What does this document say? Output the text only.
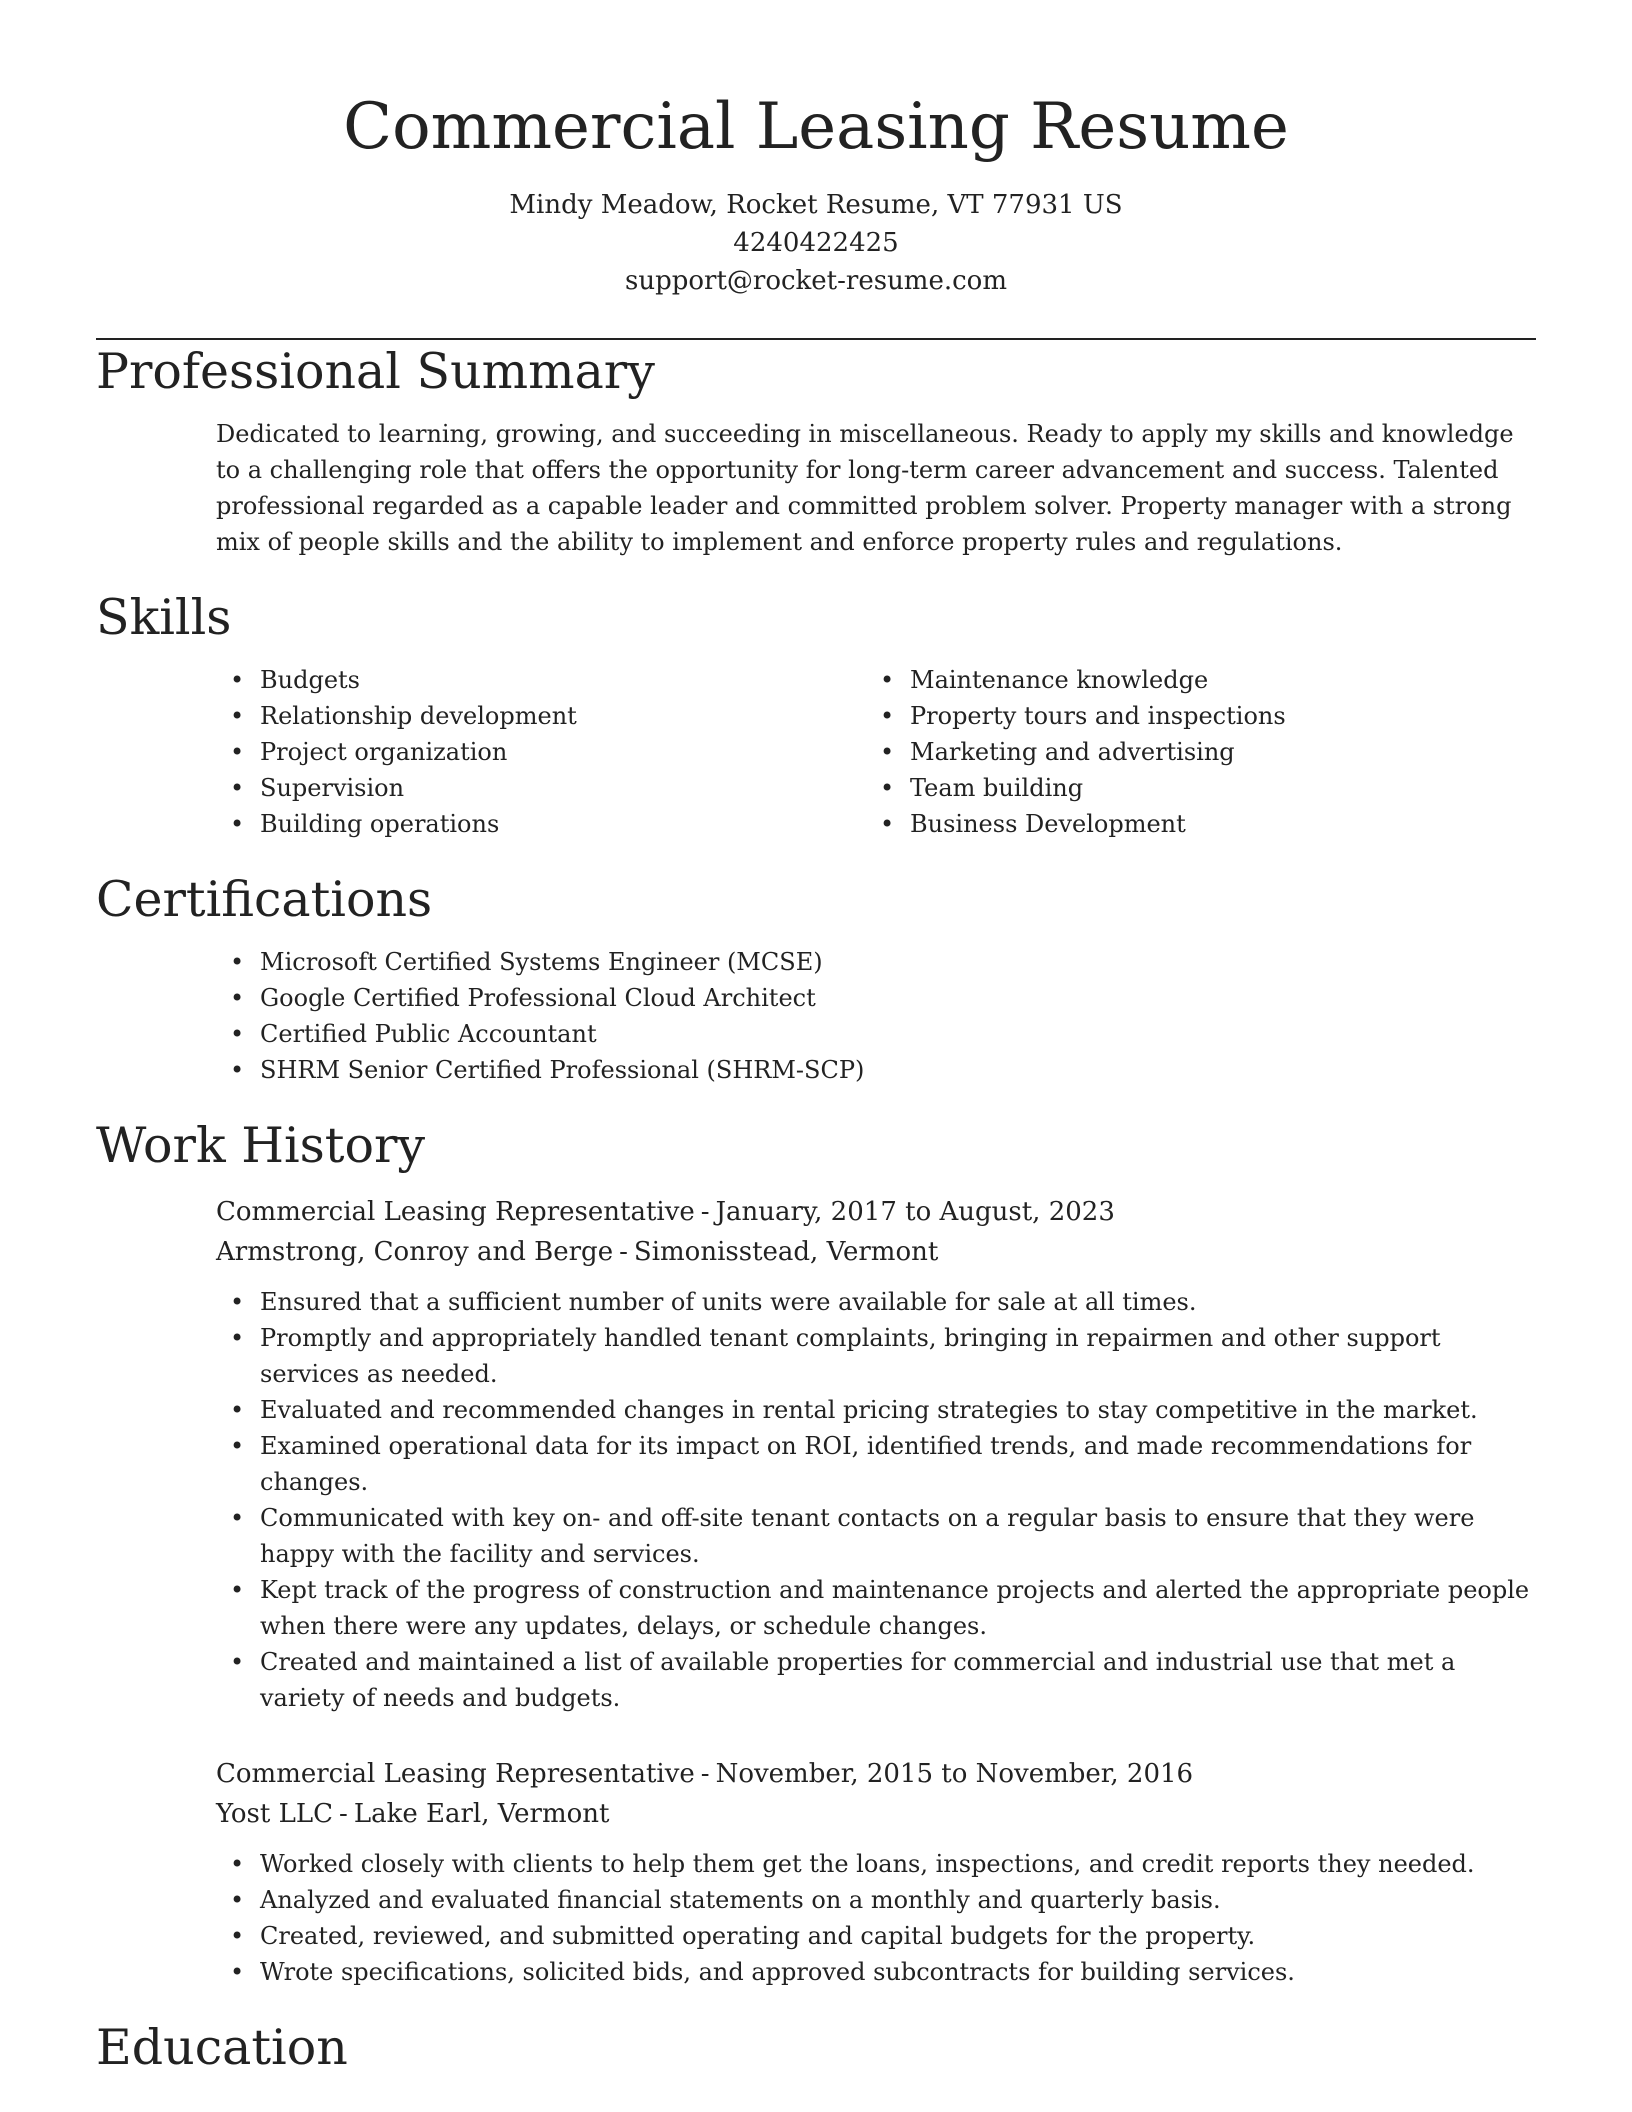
Commercial Leasing Resume
Mindy Meadow, Rocket Resume, VT 77931 US
4240422425
support@rocket-resume.com
Professional Summary
Dedicated to learning, growing, and succeeding in miscellaneous. Ready to apply my skills and knowledge to a challenging role that offers the opportunity for long-term career advancement and success. Talented professional regarded as a capable leader and committed problem solver. Property manager with a strong mix of people skills and the ability to implement and enforce property rules and regulations.
Skills
• Budgets
• Relationship development
• Project organization
• Supervision
• Building operations
• Maintenance knowledge
• Property tours and inspections
• Marketing and advertising
• Team building
• Business Development
Certifications
• Microsoft Certified Systems Engineer (MCSE)
• Google Certified Professional Cloud Architect
• Certified Public Accountant
• SHRM Senior Certified Professional (SHRM-SCP)
Work History
Commercial Leasing Representative - January, 2017 to August, 2023
Armstrong, Conroy and Berge - Simonisstead, Vermont
• Ensured that a sufficient number of units were available for sale at all times.
• Promptly and appropriately handled tenant complaints, bringing in repairmen and other support services as needed.
• Evaluated and recommended changes in rental pricing strategies to stay competitive in the market.
• Examined operational data for its impact on ROI, identified trends, and made recommendations for changes.
• Communicated with key on- and off-site tenant contacts on a regular basis to ensure that they were happy with the facility and services.
• Kept track of the progress of construction and maintenance projects and alerted the appropriate people when there were any updates, delays, or schedule changes.
• Created and maintained a list of available properties for commercial and industrial use that met a variety of needs and budgets.
Commercial Leasing Representative - November, 2015 to November, 2016
Yost LLC - Lake Earl, Vermont
• Worked closely with clients to help them get the loans, inspections, and credit reports they needed.
• Analyzed and evaluated financial statements on a monthly and quarterly basis.
• Created, reviewed, and submitted operating and capital budgets for the property.
• Wrote specifications, solicited bids, and approved subcontracts for building services.
Education
